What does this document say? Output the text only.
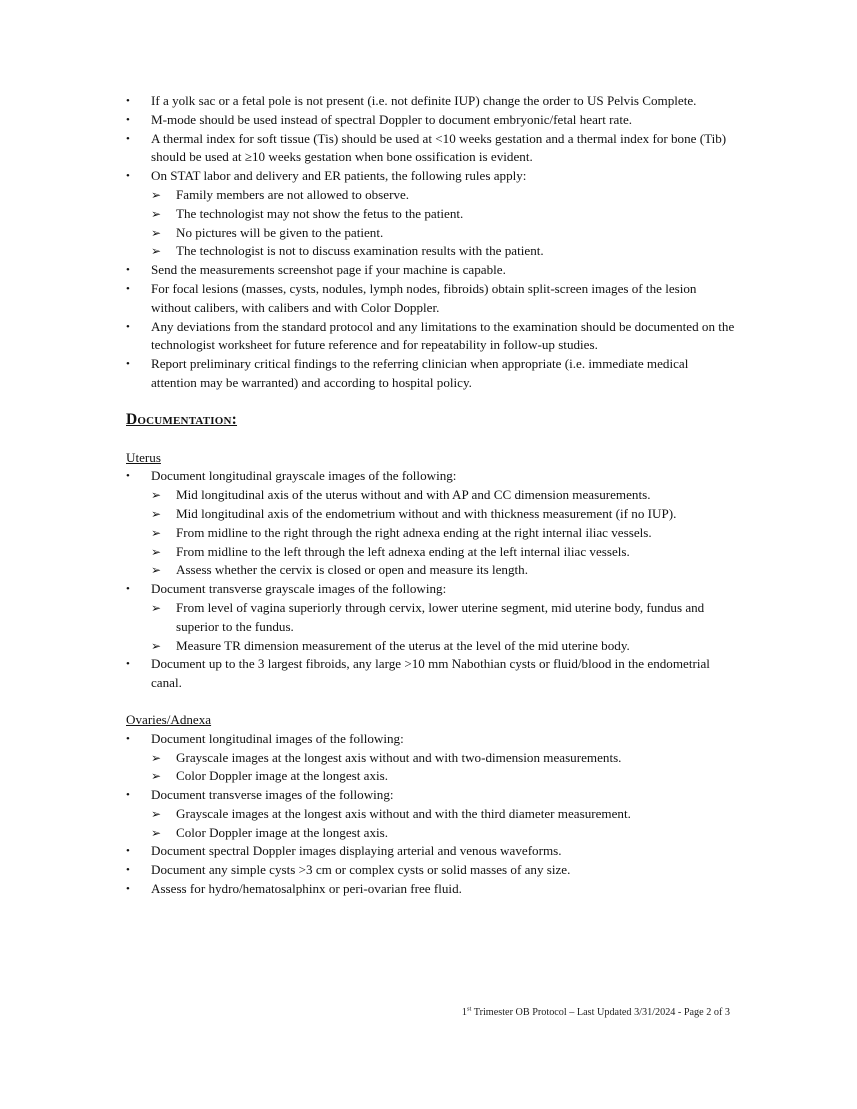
• If a yolk sac or a fetal pole is not present (i.e. not definite IUP) change the order to US Pelvis Complete.
• M-mode should be used instead of spectral Doppler to document embryonic/fetal heart rate.
• A thermal index for soft tissue (Tis) should be used at <10 weeks gestation and a thermal index for bone (Tib) should be used at ≥10 weeks gestation when bone ossification is evident.
• On STAT labor and delivery and ER patients, the following rules apply:
➢ Family members are not allowed to observe.
➢ The technologist may not show the fetus to the patient.
➢ No pictures will be given to the patient.
➢ The technologist is not to discuss examination results with the patient.
• Send the measurements screenshot page if your machine is capable.
• For focal lesions (masses, cysts, nodules, lymph nodes, fibroids) obtain split-screen images of the lesion without calibers, with calibers and with Color Doppler.
• Any deviations from the standard protocol and any limitations to the examination should be documented on the technologist worksheet for future reference and for repeatability in follow-up studies.
• Report preliminary critical findings to the referring clinician when appropriate (i.e. immediate medical attention may be warranted) and according to hospital policy.
Documentation:
Uterus
• Document longitudinal grayscale images of the following:
➢ Mid longitudinal axis of the uterus without and with AP and CC dimension measurements.
➢ Mid longitudinal axis of the endometrium without and with thickness measurement (if no IUP).
➢ From midline to the right through the right adnexa ending at the right internal iliac vessels.
➢ From midline to the left through the left adnexa ending at the left internal iliac vessels.
➢ Assess whether the cervix is closed or open and measure its length.
• Document transverse grayscale images of the following:
➢ From level of vagina superiorly through cervix, lower uterine segment, mid uterine body, fundus and superior to the fundus.
➢ Measure TR dimension measurement of the uterus at the level of the mid uterine body.
• Document up to the 3 largest fibroids, any large >10 mm Nabothian cysts or fluid/blood in the endometrial canal.
Ovaries/Adnexa
• Document longitudinal images of the following:
➢ Grayscale images at the longest axis without and with two-dimension measurements.
➢ Color Doppler image at the longest axis.
• Document transverse images of the following:
➢ Grayscale images at the longest axis without and with the third diameter measurement.
➢ Color Doppler image at the longest axis.
• Document spectral Doppler images displaying arterial and venous waveforms.
• Document any simple cysts >3 cm or complex cysts or solid masses of any size.
• Assess for hydro/hematosalphinx or peri-ovarian free fluid.
1st Trimester OB Protocol – Last Updated 3/31/2024 - Page 2 of 3
